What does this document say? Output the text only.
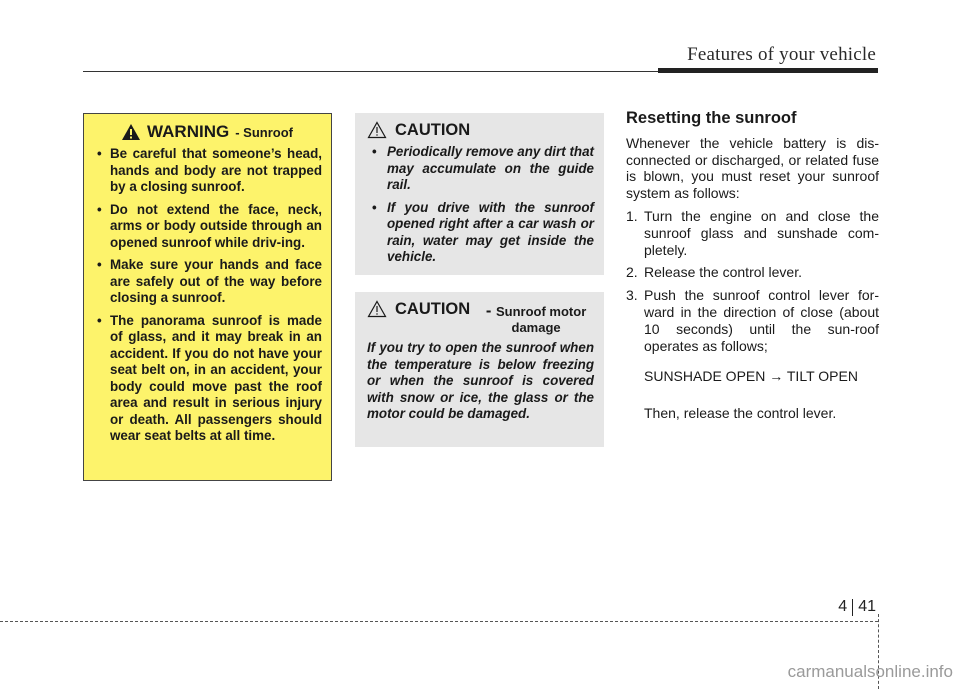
Features of your vehicle
WARNING - Sunroof
• Be careful that someone’s head, hands and body are not trapped by a closing sunroof.
• Do not extend the face, neck, arms or body outside through an opened sunroof while driv-ing.
• Make sure your hands and face are safely out of the way before closing a sunroof.
• The panorama sunroof is made of glass, and it may break in an accident. If you do not have your seat belt on, in an accident, your body could move past the roof area and result in serious injury or death. All passengers should wear seat belts at all time.
CAUTION
• Periodically remove any dirt that may accumulate on the guide rail.
• If you drive with the sunroof opened right after a car wash or rain, water may get inside the vehicle.
CAUTION - Sunroof motor damage

If you try to open the sunroof when the temperature is below freezing or when the sunroof is covered with snow or ice, the glass or the motor could be damaged.

Resetting the sunroof

Whenever the vehicle battery is dis-connected or discharged, or related fuse is blown, you must reset your sunroof system as follows:

1. Turn the engine on and close the sunroof glass and sunshade com-pletely.
2. Release the control lever.
3. Push the sunroof control lever for-ward in the direction of close (about 10 seconds) until the sun-roof operates as follows;
SUNSHADE OPEN → TILT OPEN
Then, release the control lever.
4 41
carmanualsonline.info
